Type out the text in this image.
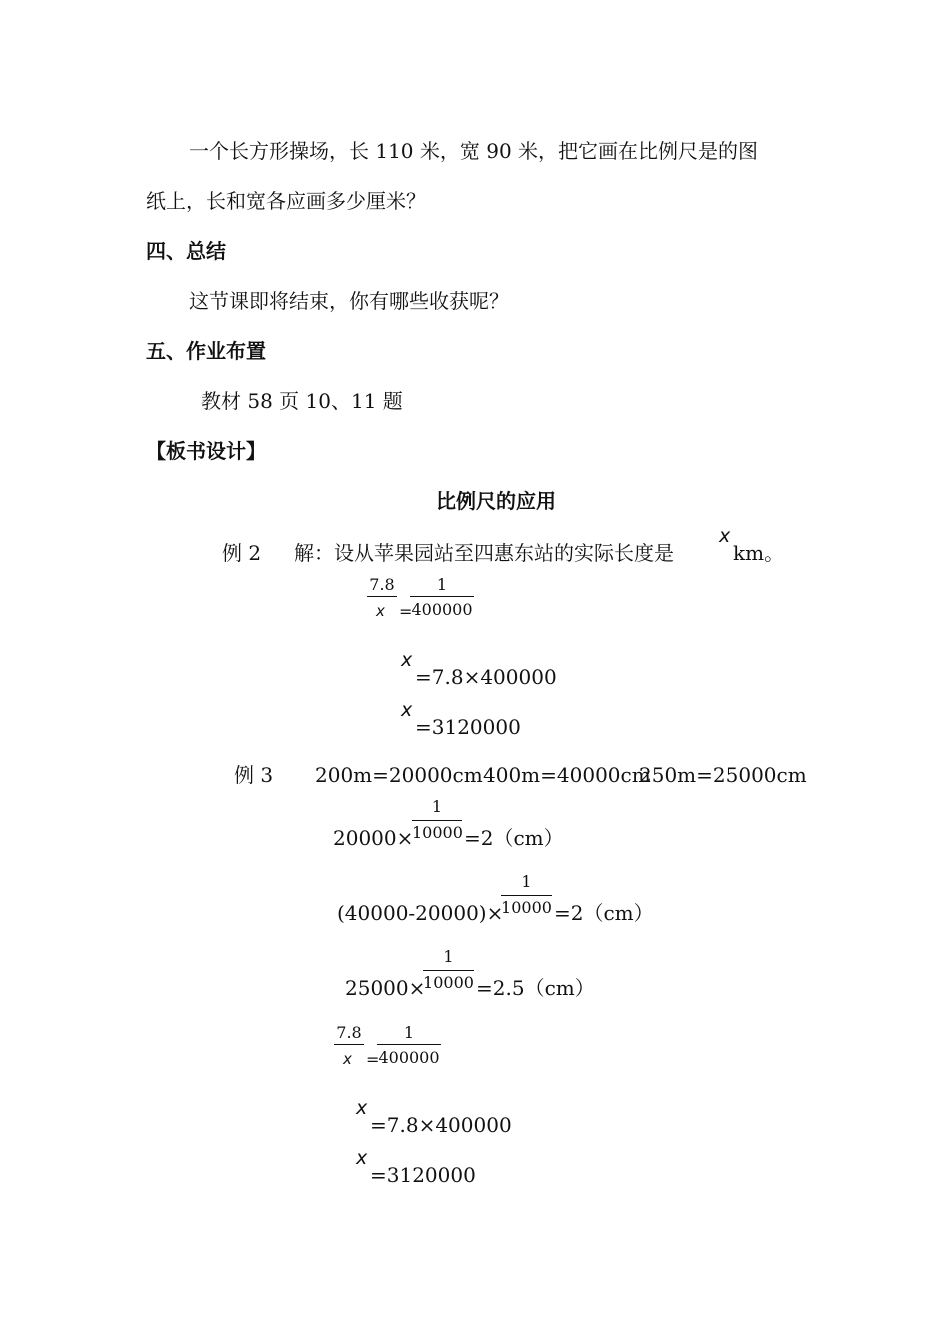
一个长方形操场，长 110 米，宽 90 米，把它画在比例尺是的图
纸上，长和宽各应画多少厘米？
四、总结
这节课即将结束，你有哪些收获呢？
五、作业布置
教材 58 页 10、11 题
【板书设计】
比例尺的应用
例 2 解：设从苹果园站至四惠东站的实际长度是
x
km。
7.8
x =
1
400000
x
=7.8×400000
x
=3120000
例 3 200m=20000cm 400m=40000cm
250m=25000cm
20000×
1
10000 =2（cm）
(40000-20000)×
1
10000 =2（cm）
25000×
1
10000 =2.5（cm）
7.8
x =
1
400000
x
=7.8×400000
x
=3120000
